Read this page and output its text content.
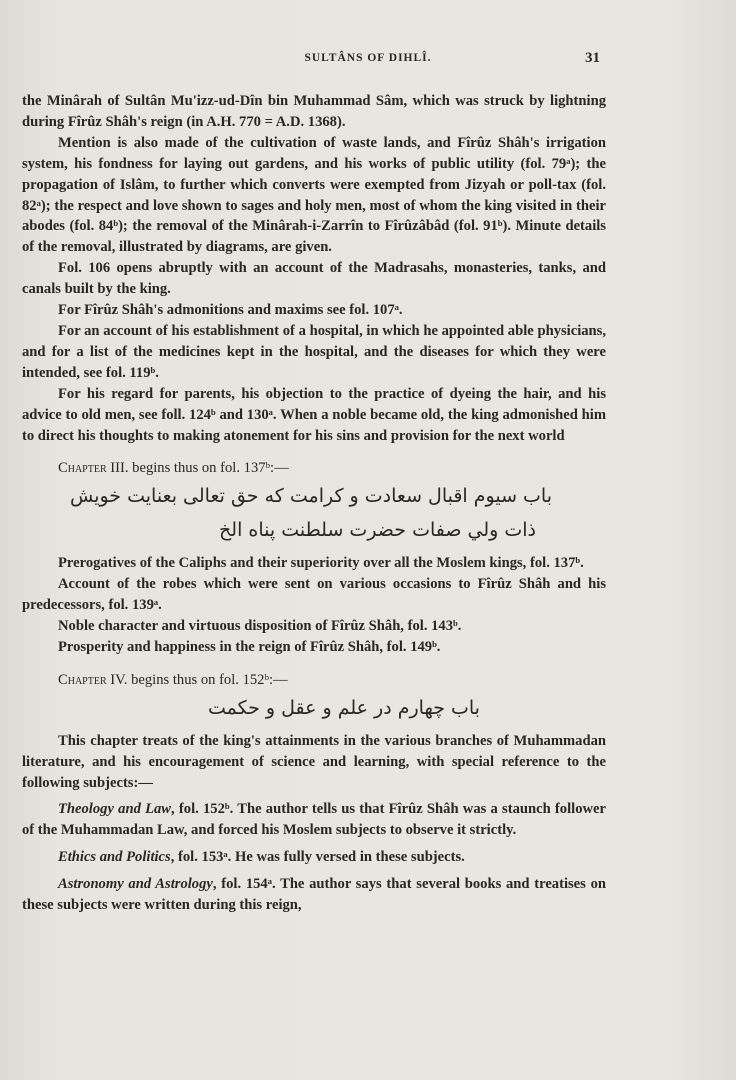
SULTÂNS OF DIHLÎ.	31

the Minârah of Sultân Mu'izz-ud-Dîn bin Muhammad Sâm, which was struck by lightning during Fîrûz Shâh's reign (in A.H. 770 = A.D. 1368).

Mention is also made of the cultivation of waste lands, and Fîrûz Shâh's irrigation system, his fondness for laying out gardens, and his works of public utility (fol. 79ᵃ); the propagation of Islâm, to further which converts were exempted from Jizyah or poll-tax (fol. 82ᵃ); the respect and love shown to sages and holy men, most of whom the king visited in their abodes (fol. 84ᵇ); the removal of the Minârah-i-Zarrîn to Fîrûzâbâd (fol. 91ᵇ). Minute details of the removal, illustrated by diagrams, are given.

Fol. 106 opens abruptly with an account of the Madrasahs, monasteries, tanks, and canals built by the king.

For Fîrûz Shâh's admonitions and maxims see fol. 107ᵃ.

For an account of his establishment of a hospital, in which he appointed able physicians, and for a list of the medicines kept in the hospital, and the diseases for which they were intended, see fol. 119ᵇ.

For his regard for parents, his objection to the practice of dyeing the hair, and his advice to old men, see foll. 124ᵇ and 130ᵃ. When a noble became old, the king admonished him to direct his thoughts to making atonement for his sins and provision for the next world

Chapter III. begins thus on fol. 137ᵇ:—

باب سیوم اقبال سعادت و کرامت که حق تعالی بعنایت خویش
ذات ولي صفات حضرت سلطنت پناه الخ

Prerogatives of the Caliphs and their superiority over all the Moslem kings, fol. 137ᵇ.

Account of the robes which were sent on various occasions to Fîrûz Shâh and his predecessors, fol. 139ᵃ.

Noble character and virtuous disposition of Fîrûz Shâh, fol. 143ᵇ.

Prosperity and happiness in the reign of Fîrûz Shâh, fol. 149ᵇ.

Chapter IV. begins thus on fol. 152ᵇ:—

باب چهارم در علم و عقل و حکمت

This chapter treats of the king's attainments in the various branches of Muhammadan literature, and his encouragement of science and learning, with special reference to the following subjects:—

Theology and Law, fol. 152ᵇ. The author tells us that Fîrûz Shâh was a staunch follower of the Muhammadan Law, and forced his Moslem subjects to observe it strictly.

Ethics and Politics, fol. 153ᵃ. He was fully versed in these subjects.

Astronomy and Astrology, fol. 154ᵃ. The author says that several books and treatises on these subjects were written during this reign,
